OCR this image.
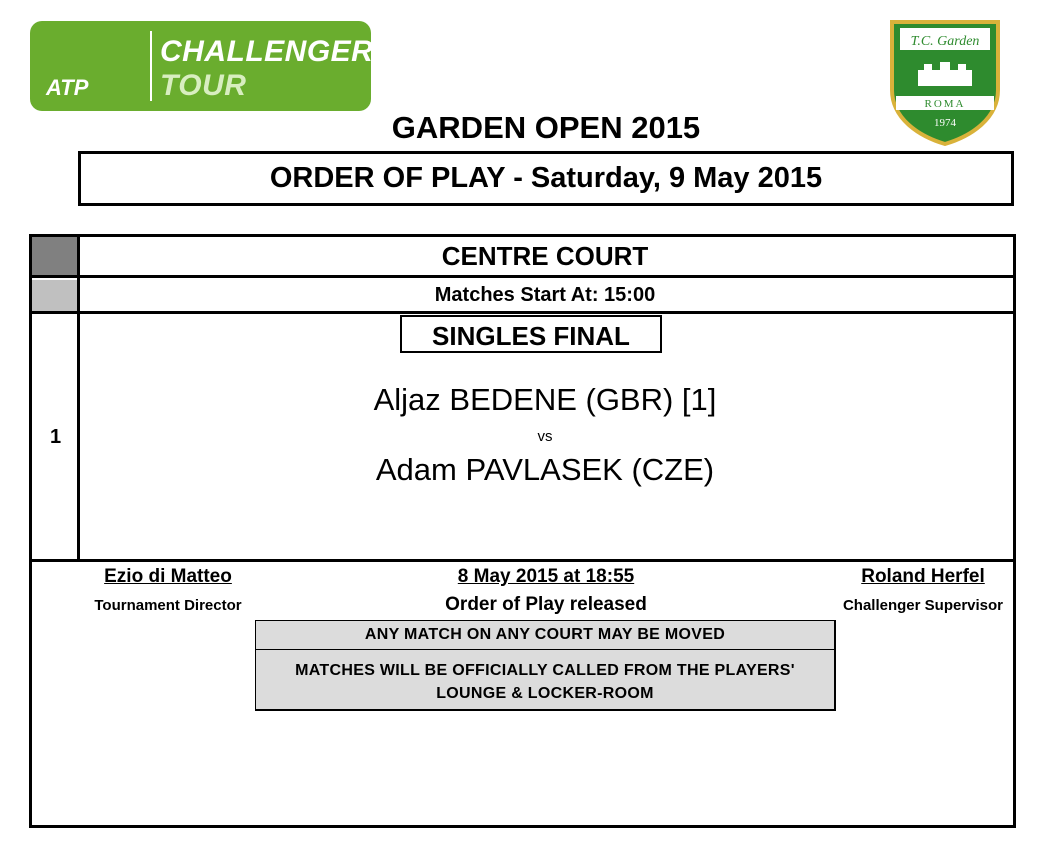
ATP
CHALLENGER
TOUR
T.C. Garden
ROMA
1974
GARDEN OPEN 2015
ORDER OF PLAY - Saturday, 9 May 2015
CENTRE COURT
Matches Start At: 15:00
1
SINGLES FINAL
Aljaz BEDENE (GBR) [1]
vs
Adam PAVLASEK (CZE)
Ezio di Matteo
Tournament Director
8 May 2015 at 18:55
Order of Play released
Roland Herfel
Challenger Supervisor
ANY MATCH ON ANY COURT MAY BE MOVED
MATCHES WILL BE OFFICIALLY CALLED FROM THE PLAYERS' LOUNGE & LOCKER-ROOM
